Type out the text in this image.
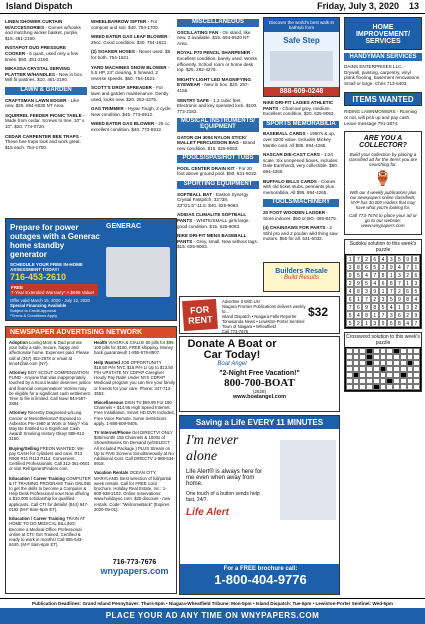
Island Dispatch	Friday, July 3, 2020 13

LINEN SHOWER CURTAIN W/ACCESSORIES - Comes w/hooks and matching wicker basket, purple. $15. 481-2190.

INSTAPOT DUO PRESSURE COOKER - 6 quart, used only a few times. $60. 481-2190.

MIKASSA CRYSTAL SERVING PLATTER W/HANDLES - New in box. Will fit pastries. $10. 481-2190.

LAWN & GARDEN

CRAFTSMAN LAWN EDGER - Like new. $25. 694-6530 NT Area.

SQUIRREL FEEDER PICNIC TABLE - Made from cedar. Screws to tree, 10" x 10". $20. 774-0720.

CEDAR CARPENTER BEE TRAPS - These bee traps look and work great. $15 each. 754-1700.

WHEELBARROW SIFTER - For compost and soil. $40. 754-1700.

WEED EATER GAS LEAF BLOWER - 25cc. Good condition. $30. 754-1621.

(2) SOAKER HOSES - Never used. $8 for both. 754-1621.

YARD MACHINES SNOW BLOWER - 5.5 HP, 24" clearing, 5 forward, 2 reverse speeds. $60. 754-1621.

SCOTT'S DROP SPREADER - For lawn and garden maintenance. Gently used, looks new. $20. 262-4276.

GAS TRIMMER - Hypar Tough, 2 cycle. New condition. $45. 773-6912.

WEED EATER GAS BLOWER - 25 cc, excellent condition. $40. 773-6912.

MISCELLANEOUS

OSCILLATING FAN - On stand, like new. 2 available. $15. 694-6520 NT Area.

ROYAL P70 PENCIL SHARPENER - Excellent condition, barely used. Works efficiently. School room or home desk top. $25. 262-4276.

MIGHTY LIGHT LED MAGNIFYING EYEWEAR - New in box. $20. 297-4155.

SENTRY SAFE - 1.2 cubic feet. Electronic and key operated lock. $100. 773-2182.

MUSICAL INSTRUMENTS/ EQUIPMENT

GATOR GH 3004 NYLON STICK/ MALLET PERCUSSION BAG - Brand new condition. $15. 625-9063.

POOLS/SPAS/HOT TUBS

POOL CENTER DRAIN KIT - For 20 foot above ground pool. $50. 531-6032.

SPORTING EQUIPMENT

SOFTBALL BAT - Easton Synergy Crystal Fastpitch, 32"/38, 33"/21.5"-11.5. $40. 625-9063.

ADIDAS CLIMALITE SOFTBALL PANTS - WHITE/SMALL girls large, good condition. $15. 625-9063.

NIKE DRI-FIT MENS BASEBALL PANTS - Grey, small. New without tags. $15. 625-9063.

NIKE DRI-FIT LADIES ATHLETIC PANTS - Charcoal grey, medium. Excellent condition. $20. 625-9063.

SPORTS MEMORABILIA

BASEBALL CARDS - 1950's & up, over 5200 value. Includes Mickey Mantle card. All $85. 694-4265.

NASCAR DIE-CAST CARS - 1:24 scale. Six unopened boxes, includes Dale Earnhardt, very collectible. $90. 694-4265.

BUFFALO BILLS CARDS - Comes with old ticket stubs, pennants plus memorabilia. All $95. 694-4265.

TOOLS/MACHINERY

20 FOOT WOODEN LADDER - Store indoors. $50 or BO. 495-8475.

(4) CHAINSAWS FOR PARTS - 2 Stihl pro and 2 poulan wild thing saw motors. $50 for all. 531-6032.

Discover the world's best walk-in bathtub from
Safe Step
888-609-0248
HOME IMPROVEMENT/ SERVICES
HANDYMAN SERVICES
DAINS ENTERPRISES LLC. - Drywall, painting, carpentry, vinyl plank flooring, basement renovations. Small or large. Chris 713-6403.
ITEMS WANTED
RIDING LAWNMOWERS - Running or not, will pick up and pay cash. Leave message 791-3874.
ARE YOU A COLLECTOR?
Build your collection by placing a classified ad for the items you are searching for.
🏺
With our 4 weekly publications plus our newspapers online classifieds, NYP has 30,000 readers that may have what you're looking for.
Call 773-7676 to place your ad or go to our website: www.wnypapers.com
Sudoku solution to this week's puzzle
1	7	2	6	4	3	5	9	8
3	8	6	5	2	9	4	7	1
9	5	4	7	8	1	3	2	6
2	9	5	4	6	8	7	1	3
4	8	3	9	1	7	2	6	5
6	1	7	2	3	5	9	8	4
7	6	9	8	5	4	1	3	2
5	4	8	1	7	3	6	2	9
5	2	1	3	9	6	8	4	7
Crossword solution to this week's puzzle
Prepare for power outages with a Generac home standby generator
SCHEDULE YOUR FREE IN-HOME ASSESSMENT TODAY!
716-453-2610
FREE
7-Year Extended Warranty* A $695 Value!
Offer valid March 15, 2020 - July 12, 2020
Special Financing Available
Subject to Credit Approval
*Terms & Conditions Apply
GENERAC
Builders Resale
Build Results
FOR RENT
Advertise It With Us!
Niagara Frontier Publications delivers weekly to...
Island Dispatch • Niagara Falls Reporter
Tonawanda News • Lewiston-Porter Sentinel
Town of Niagara • Wheatfield
Call 773-7676
$32
NEWSPAPER ADVERTISING NETWORK

Adoption Loving Mom & Dad promise your baby a safe, secure, happy and affectionate home. Expenses paid. Please call at (347) 452-2878 or email at leno4@ail.com (NY).

Attorney BOY SCOUT COMPENSATION FUND - Anyone that was inappropriately touched by a Scout leader deserves justice and financial compensation! Victims may be eligible for a significant cash settlement. Time to file is limited. Call Now! 844-587-2884.

Attorney Recently Diagnosed w/Lung Cancer or Mesothelioma? Exposed to Asbestos Pre-1980 at Work or Navy? You May Be Entitled to a Significant Cash Award! Smoking History Okay! 888-912-3150.

Buying/Selling FREON WANTED: We pay CASH for cylinders and cans. R12 R500 R11 R113 R114. Convenient. Certified Professionals. Call 312-361-0601 or visit RefrigerantFinders.com.

Education / Career Training COMPUTER & IT TRAINING PROGRAM! Train ONLINE to get the skills to become a Computer & Help Desk Professional now! Now offering a $10,000 scholarship for qualified applicants. Call CTI for details! (844) 947-0192 (M-F 8am-6pm ET).

Education / Career Training TRAIN AT HOME TO DO MEDICAL BILLING! Become a Medical Office Professional online at CTI! Get Trained, Certified & ready to work in months! Call 855-543-6440. (M-F 8am-6pm ET).

Health VIAGRA & CIALIS! 60 pills for $99. 100 pills for $150. FREE shipping. Money back guaranteed! 1-855-579-8907.

Help Wanted JOB OPPORTUNITY $18.50 P/H NYC $16 P/H LI Up to $13.50 P/H UPSTATE NY CDPAP Caregiver Hourly Pay Rate! Under NYS CDPAP Medicaid program you can hire your family or friends for your care. Phone: 347-713-3553.

Miscellaneous DISH TV $59.99 For 190 Channels + $14.95 High Speed Internet. Free Installation, Smart HD DVR Included, Free Voice Remote. Some restrictions apply. 1-888-609-9405.

TV Internet/Phone Get DIRECTV! ONLY $35/month! 155 Channels & 1000s of Shows/Movies On Demand (w/SELECT All Included Package.) PLUS Stream on Up to FIVE Screens Simultaneously at No Additional Cost. Call DIRECTV 1-888-534-6918.

Vacation Rentals OCEAN CITY, MARYLAND. Best selection of full/partial week rentals. Call for FREE color brochure. Holiday Real Estate, Inc.: 1-800-638-2102. Online reservations: www.holidayoc.com. $25 discount - new rentals. Code: "WelcomeBack" (Expires 2020-09-01).

716-773-7676
wnypapers.com
Donate A Boat or Car Today!
Boat Angel
"2-Night Free Vacation!"
800-700-BOAT
(2628)
www.boatangel.com
Saving a Life EVERY 11 MINUTES
I'm never alone
Life Alert® is always here for me even when away from home.
One touch of a button sends help fast, 24/7.
Life Alert
For a FREE brochure call:
1-800-404-9776
Publication Deadlines: Grand Island PennySaver: Thurs-5pm • Niagara-Wheatfield Tribune: Mon-5pm • Island Dispatch: Tue-5pm • Lewiston-Porter Sentinel: Wed-5pm
PLACE YOUR AD ANY TIME ON WNYPAPERS.COM
